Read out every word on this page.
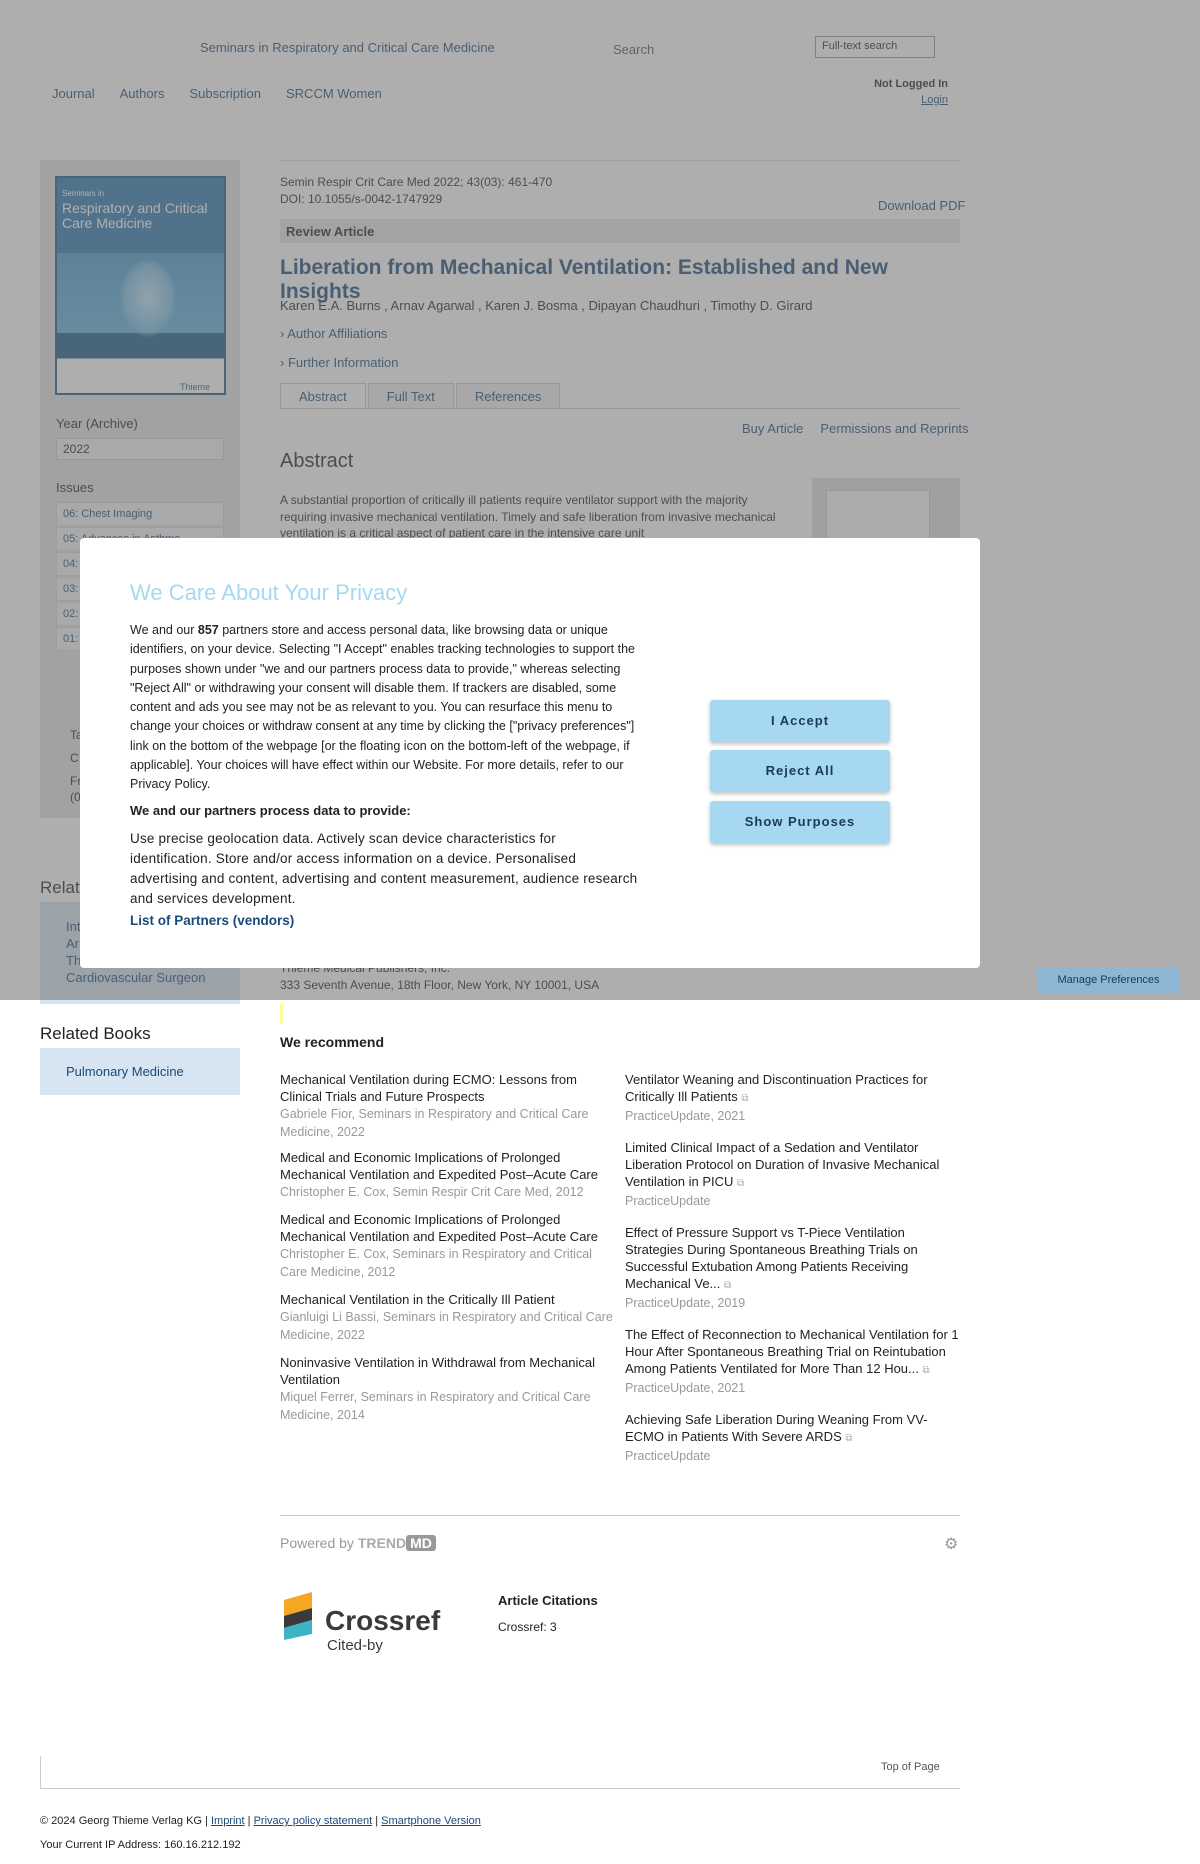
Related Books
Pulmonary Medicine
We Care About Your Privacy
We and our 857 partners store and access personal data, like browsing data or unique identifiers, on your device. Selecting "I Accept" enables tracking technologies to support the purposes shown under "we and our partners process data to provide," whereas selecting "Reject All" or withdrawing your consent will disable them. If trackers are disabled, some content and ads you see may not be as relevant to you. You can resurface this menu to change your choices or withdraw consent at any time by clicking the ["privacy preferences"] link on the bottom of the webpage [or the floating icon on the bottom-left of the webpage, if applicable]. Your choices will have effect within our Website. For more details, refer to our Privacy Policy.
We and our partners process data to provide:
Use precise geolocation data. Actively scan device characteristics for identification. Store and/or access information on a device. Personalised advertising and content, advertising and content measurement, audience research and services development.
List of Partners (vendors)
I Accept
Reject All
Show Purposes
Manage Preferences
We recommend
Mechanical Ventilation during ECMO: Lessons from Clinical Trials and Future Prospects
Gabriele Fior, Seminars in Respiratory and Critical Care Medicine, 2022
Medical and Economic Implications of Prolonged Mechanical Ventilation and Expedited Post–Acute Care
Christopher E. Cox, Semin Respir Crit Care Med, 2012
Medical and Economic Implications of Prolonged Mechanical Ventilation and Expedited Post–Acute Care
Christopher E. Cox, Seminars in Respiratory and Critical Care Medicine, 2012
Mechanical Ventilation in the Critically Ill Patient
Gianluigi Li Bassi, Seminars in Respiratory and Critical Care Medicine, 2022
Noninvasive Ventilation in Withdrawal from Mechanical Ventilation
Miquel Ferrer, Seminars in Respiratory and Critical Care Medicine, 2014
Ventilator Weaning and Discontinuation Practices for Critically Ill Patients ⧉
PracticeUpdate, 2021
Limited Clinical Impact of a Sedation and Ventilator Liberation Protocol on Duration of Invasive Mechanical Ventilation in PICU ⧉
PracticeUpdate
Effect of Pressure Support vs T-Piece Ventilation Strategies During Spontaneous Breathing Trials on Successful Extubation Among Patients Receiving Mechanical Ve... ⧉
PracticeUpdate, 2019
The Effect of Reconnection to Mechanical Ventilation for 1 Hour After Spontaneous Breathing Trial on Reintubation Among Patients Ventilated for More Than 12 Hou... ⧉
PracticeUpdate, 2021
Achieving Safe Liberation During Weaning From VV-ECMO in Patients With Severe ARDS ⧉
PracticeUpdate
Powered by TREND MD	⚙
Crossref
Cited-by
Article Citations
Crossref: 3
Top of Page
© 2024 Georg Thieme Verlag KG | Imprint | Privacy policy statement | Smartphone Version
Your Current IP Address: 160.16.212.192
